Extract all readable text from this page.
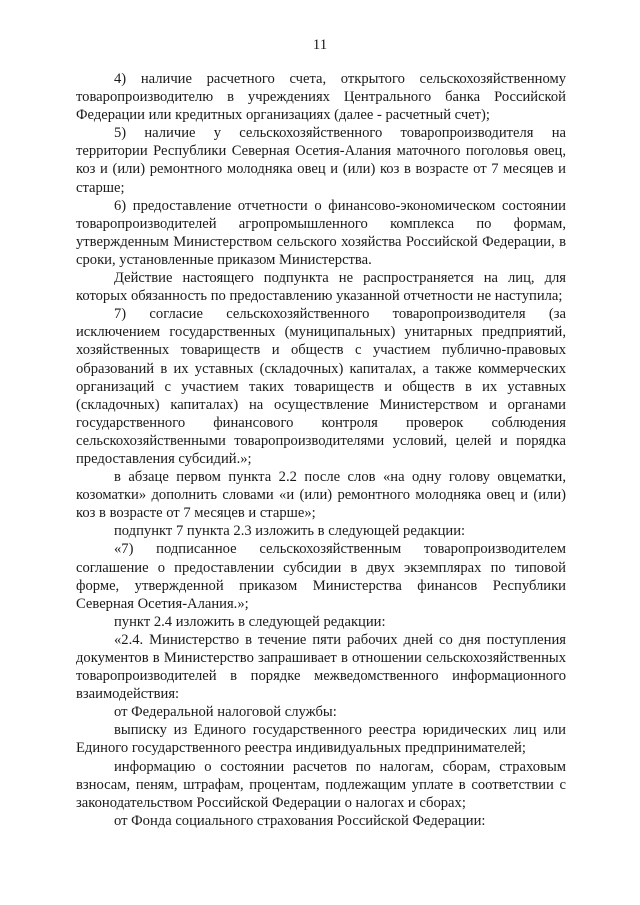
11

4) наличие расчетного счета, открытого сельскохозяйственному товаропроизводителю в учреждениях Центрального банка Российской Федерации или кредитных организациях (далее - расчетный счет);

5) наличие у сельскохозяйственного товаропроизводителя на территории Республики Северная Осетия-Алания маточного поголовья овец, коз и (или) ремонтного молодняка овец и (или) коз в возрасте от 7 месяцев и старше;

6) предоставление отчетности о финансово-экономическом состоянии товаропроизводителей агропромышленного комплекса по формам, утвержденным Министерством сельского хозяйства Российской Федерации, в сроки, установленные приказом Министерства.

Действие настоящего подпункта не распространяется на лиц, для которых обязанность по предоставлению указанной отчетности не наступила;

7) согласие сельскохозяйственного товаропроизводителя (за исключением государственных (муниципальных) унитарных предприятий, хозяйственных товариществ и обществ с участием публично-правовых образований в их уставных (складочных) капиталах, а также коммерческих организаций с участием таких товариществ и обществ в их уставных (складочных) капиталах) на осуществление Министерством и органами государственного финансового контроля проверок соблюдения сельскохозяйственными товаропроизводителями условий, целей и порядка предоставления субсидий.»;

в абзаце первом пункта 2.2 после слов «на одну голову овцематки, козоматки» дополнить словами «и (или) ремонтного молодняка овец и (или) коз в возрасте от 7 месяцев и старше»;

подпункт 7 пункта 2.3 изложить в следующей редакции:

«7) подписанное сельскохозяйственным товаропроизводителем соглашение о предоставлении субсидии в двух экземплярах по типовой форме, утвержденной приказом Министерства финансов Республики Северная Осетия-Алания.»;

пункт 2.4 изложить в следующей редакции:

«2.4. Министерство в течение пяти рабочих дней со дня поступления документов в Министерство запрашивает в отношении сельскохозяйственных товаропроизводителей в порядке межведомственного информационного взаимодействия:

от Федеральной налоговой службы:

выписку из Единого государственного реестра юридических лиц или Единого государственного реестра индивидуальных предпринимателей;

информацию о состоянии расчетов по налогам, сборам, страховым взносам, пеням, штрафам, процентам, подлежащим уплате в соответствии с законодательством Российской Федерации о налогах и сборах;

от Фонда социального страхования Российской Федерации:
